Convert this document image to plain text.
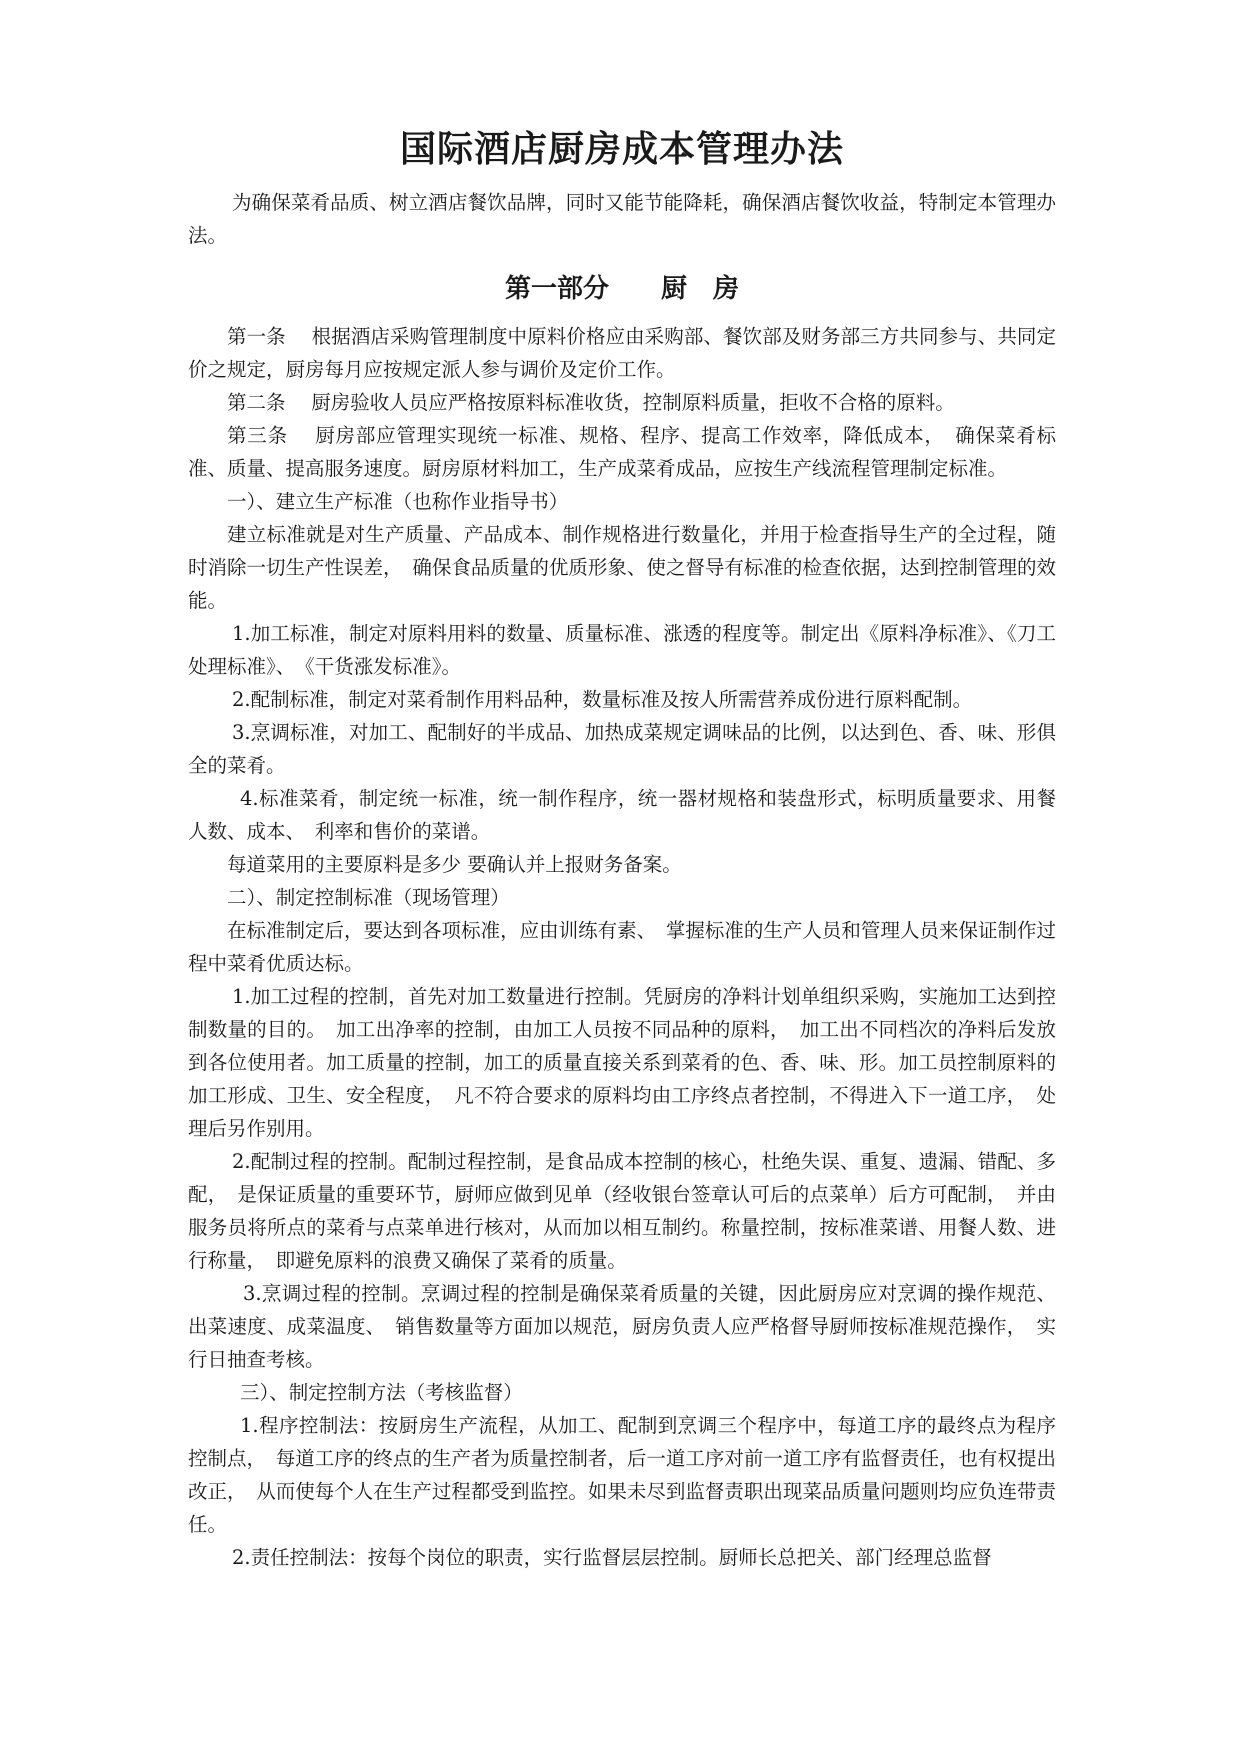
国际酒店厨房成本管理办法

为确保菜肴品质、树立酒店餐饮品牌，同时又能节能降耗，确保酒店餐饮收益，特制定本管理办法。

第一部分　　厨　房

第一条　 根据酒店采购管理制度中原料价格应由采购部、餐饮部及财务部三方共同参与、共同定价之规定，厨房每月应按规定派人参与调价及定价工作。

第二条　 厨房验收人员应严格按原料标准收货，控制原料质量，拒收不合格的原料。

第三条　 厨房部应管理实现统一标准、规格、程序、提高工作效率，降低成本，　确保菜肴标准、质量、提高服务速度。厨房原材料加工，生产成菜肴成品，应按生产线流程管理制定标准。

一）、建立生产标准（也称作业指导书）

建立标准就是对生产质量、产品成本、制作规格进行数量化，并用于检查指导生产的全过程，随时消除一切生产性误差，　确保食品质量的优质形象、使之督导有标准的检查依据，达到控制管理的效能。

1.加工标准，制定对原料用料的数量、质量标准、涨透的程度等。制定出《原料净标准》、《刀工处理标准》、　《干货涨发标准》。

2.配制标准，制定对菜肴制作用料品种，数量标准及按人所需营养成份进行原料配制。

3.烹调标准，对加工、配制好的半成品、加热成菜规定调味品的比例，以达到色、香、味、形俱全的菜肴。

4.标准菜肴，制定统一标准，统一制作程序，统一器材规格和装盘形式，标明质量要求、用餐人数、成本、　利率和售价的菜谱。

每道菜用的主要原料是多少 要确认并上报财务备案。

二）、制定控制标准（现场管理）

在标准制定后，要达到各项标准，应由训练有素、　掌握标准的生产人员和管理人员来保证制作过程中菜肴优质达标。

1.加工过程的控制，首先对加工数量进行控制。凭厨房的净料计划单组织采购，实施加工达到控制数量的目的。　加工出净率的控制，由加工人员按不同品种的原料，　加工出不同档次的净料后发放到各位使用者。加工质量的控制，加工的质量直接关系到菜肴的色、香、味、形。加工员控制原料的加工形成、卫生、安全程度，　凡不符合要求的原料均由工序终点者控制，不得进入下一道工序，　处理后另作别用。

2.配制过程的控制。配制过程控制，是食品成本控制的核心，杜绝失误、重复、遗漏、错配、多配，　是保证质量的重要环节，厨师应做到见单（经收银台签章认可后的点菜单）后方可配制，　并由服务员将所点的菜肴与点菜单进行核对，从而加以相互制约。称量控制，按标准菜谱、用餐人数、进行称量，　即避免原料的浪费又确保了菜肴的质量。

3.烹调过程的控制。烹调过程的控制是确保菜肴质量的关键，因此厨房应对烹调的操作规范、出菜速度、成菜温度、　销售数量等方面加以规范，厨房负责人应严格督导厨师按标准规范操作，　实行日抽查考核。

三）、制定控制方法（考核监督）

1.程序控制法：按厨房生产流程，从加工、配制到烹调三个程序中，每道工序的最终点为程序控制点，　每道工序的终点的生产者为质量控制者，后一道工序对前一道工序有监督责任，也有权提出改正，　从而使每个人在生产过程都受到监控。如果未尽到监督责职出现菜品质量问题则均应负连带责任。

2.责任控制法：按每个岗位的职责，实行监督层层控制。厨师长总把关、部门经理总监督
